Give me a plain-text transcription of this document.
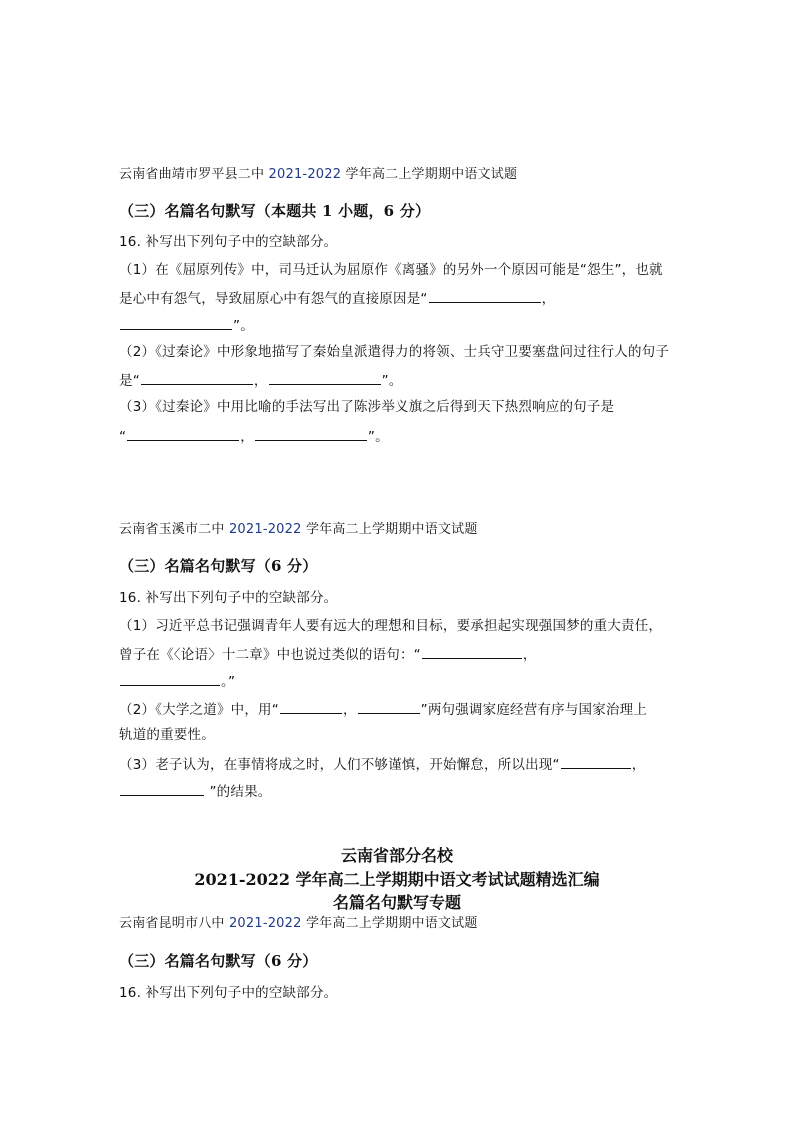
云南省曲靖市罗平县二中 2021-2022 学年高二上学期期中语文试题
（三）名篇名句默写（本题共 1 小题，6 分）
16. 补写出下列句子中的空缺部分。
（1）在《屈原列传》中，司马迁认为屈原作《离骚》的另外一个原因可能是“怨生”，也就
是心中有怨气，导致屈原心中有怨气的直接原因是“	，
”。
（2）《过秦论》中形象地描写了秦始皇派遣得力的将领、士兵守卫要塞盘问过往行人的句子
是“	，	”。
（3）《过秦论》中用比喻的手法写出了陈涉举义旗之后得到天下热烈响应的句子是
“	，	”。
云南省玉溪市二中 2021-2022 学年高二上学期期中语文试题
（三）名篇名句默写（6 分）
16. 补写出下列句子中的空缺部分。
（1）习近平总书记强调青年人要有远大的理想和目标，要承担起实现强国梦的重大责任，
曾子在《〈论语〉十二章》中也说过类似的语句：“	，
。”
（2）《大学之道》中，用“	，	”两句强调家庭经营有序与国家治理上
轨道的重要性。
（3）老子认为，在事情将成之时，人们不够谨慎，开始懈怠，所以出现“	，
”的结果。
云南省部分名校
2021-2022 学年高二上学期期中语文考试试题精选汇编
名篇名句默写专题
云南省昆明市八中 2021-2022 学年高二上学期期中语文试题
（三）名篇名句默写（6 分）
16. 补写出下列句子中的空缺部分。
